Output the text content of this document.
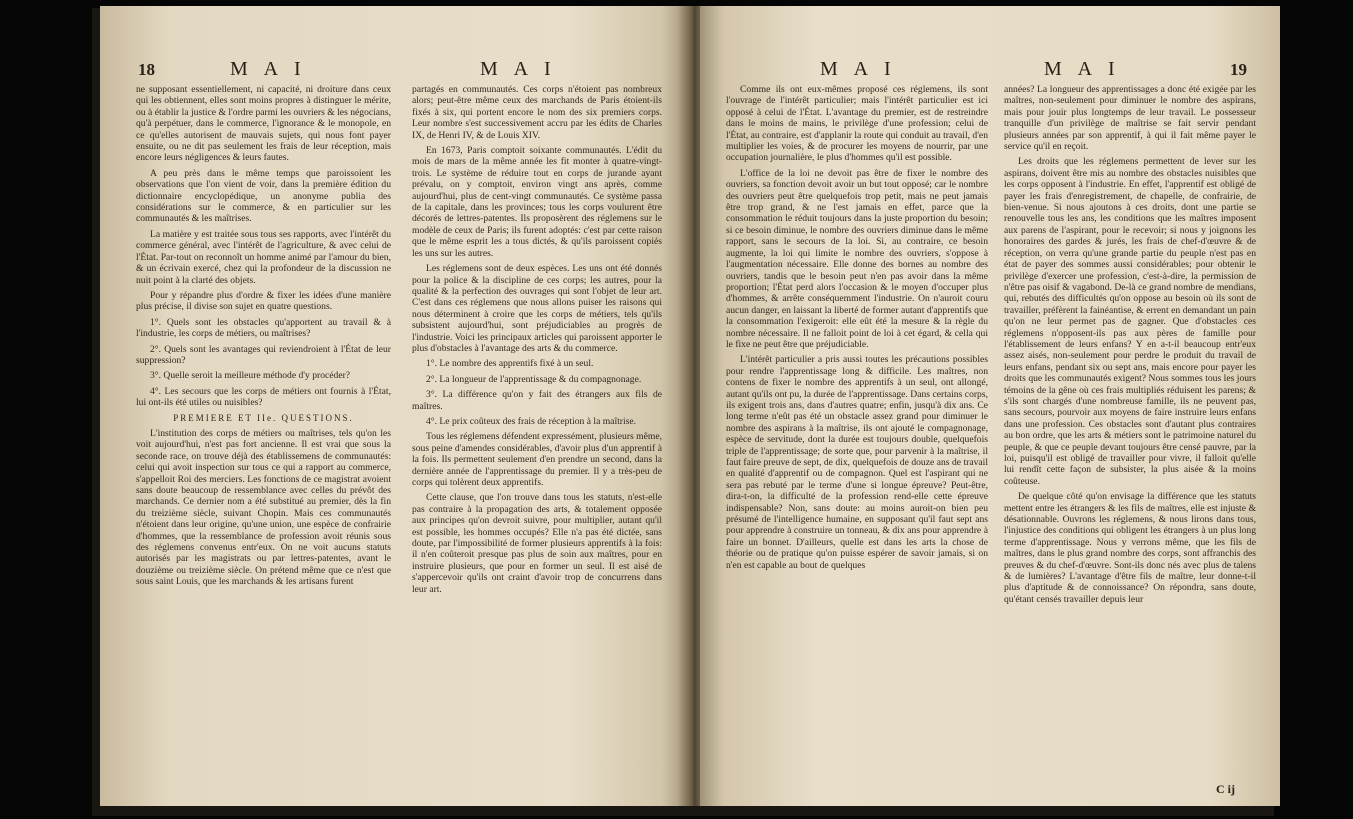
18	M A I	M A I

ne supposant essentiellement, ni capacité, ni droiture dans ceux qui les obtiennent, elles sont moins propres à distinguer le mérite, ou à établir la justice & l'ordre parmi les ouvriers & les négocians, qu'à perpétuer, dans le commerce, l'ignorance & le monopole, en ce qu'elles autorisent de mauvais sujets, qui nous font payer ensuite, ou ne dit pas seulement les frais de leur réception, mais encore leurs négligences & leurs fautes.

A peu près dans le même temps que paroissoient les observations que l'on vient de voir, dans la première édition du dictionnaire encyclopédique, un anonyme publia des considérations sur le commerce, & en particulier sur les communautés & les maîtrises.

La matière y est traitée sous tous ses rapports, avec l'intérêt du commerce général, avec l'intérêt de l'agriculture, & avec celui de l'État. Par-tout on reconnoît un homme animé par l'amour du bien, & un écrivain exercé, chez qui la profondeur de la discussion ne nuit point à la clarté des objets.

Pour y répandre plus d'ordre & fixer les idées d'une manière plus précise, il divise son sujet en quatre questions.

1°. Quels sont les obstacles qu'apportent au travail & à l'industrie, les corps de métiers, ou maîtrises?

2°. Quels sont les avantages qui reviendroient à l'État de leur suppression?

3°. Quelle seroit la meilleure méthode d'y procéder?

4°. Les secours que les corps de métiers ont fournis à l'État, lui ont-ils été utiles ou nuisibles?

PREMIERE ET IIe. QUESTIONS.

L'institution des corps de métiers ou maîtrises, tels qu'on les voit aujourd'hui, n'est pas fort ancienne. Il est vrai que sous la seconde race, on trouve déjà des établissemens de communautés: celui qui avoit inspection sur tous ce qui a rapport au commerce, s'appelloit Roi des merciers. Les fonctions de ce magistrat avoient sans doute beaucoup de ressemblance avec celles du prévôt des marchands. Ce dernier nom a été substitué au premier, dès la fin du treizième siècle, suivant Chopin. Mais ces communautés n'étoient dans leur origine, qu'une union, une espèce de confrairie d'hommes, que la ressemblance de profession avoit réunis sous des réglemens convenus entr'eux. On ne voit aucuns statuts autorisés par les magistrats ou par lettres-patentes, avant le douzième ou treizième siècle. On prétend même que ce n'est que sous saint Louis, que les marchands & les artisans furent

partagés en communautés. Ces corps n'étoient pas nombreux alors; peut-être même ceux des marchands de Paris étoient-ils fixés à six, qui portent encore le nom des six premiers corps. Leur nombre s'est successivement accru par les édits de Charles IX, de Henri IV, & de Louis XIV.

En 1673, Paris comptoit soixante communautés. L'édit du mois de mars de la même année les fit monter à quatre-vingt-trois. Le système de réduire tout en corps de jurande ayant prévalu, on y comptoit, environ vingt ans après, comme aujourd'hui, plus de cent-vingt communautés. Ce système passa de la capitale, dans les provinces; tous les corps voulurent être décorés de lettres-patentes. Ils proposèrent des réglemens sur le modèle de ceux de Paris; ils furent adoptés: c'est par cette raison que le même esprit les a tous dictés, & qu'ils paroissent copiés les uns sur les autres.

Les réglemens sont de deux espèces. Les uns ont été donnés pour la police & la discipline de ces corps; les autres, pour la qualité & la perfection des ouvrages qui sont l'objet de leur art. C'est dans ces réglemens que nous allons puiser les raisons qui nous déterminent à croire que les corps de métiers, tels qu'ils subsistent aujourd'hui, sont préjudiciables au progrès de l'industrie. Voici les principaux articles qui paroissent apporter le plus d'obstacles à l'avantage des arts & du commerce.

1°. Le nombre des apprentifs fixé à un seul.

2°. La longueur de l'apprentissage & du compagnonage.

3°. La différence qu'on y fait des étrangers aux fils de maîtres.

4°. Le prix coûteux des frais de réception à la maîtrise.

Tous les réglemens défendent expressément, plusieurs même, sous peine d'amendes considérables, d'avoir plus d'un apprentif à la fois. Ils permettent seulement d'en prendre un second, dans la dernière année de l'apprentissage du premier. Il y a très-peu de corps qui tolèrent deux apprentifs.

Cette clause, que l'on trouve dans tous les statuts, n'est-elle pas contraire à la propagation des arts, & totalement opposée aux principes qu'on devroit suivre, pour multiplier, autant qu'il est possible, les hommes occupés? Elle n'a pas été dictée, sans doute, par l'impossibilité de former plusieurs apprentifs à la fois: il n'en coûteroit presque pas plus de soin aux maîtres, pour en instruire plusieurs, que pour en former un seul. Il est aisé de s'appercevoir qu'ils ont craint d'avoir trop de concurrens dans leur art.

M A I	M A I	19

Comme ils ont eux-mêmes proposé ces réglemens, ils sont l'ouvrage de l'intérêt particulier; mais l'intérêt particulier est ici opposé à celui de l'État. L'avantage du premier, est de restreindre dans le moins de mains, le privilège d'une profession; celui de l'État, au contraire, est d'applanir la route qui conduit au travail, d'en multiplier les voies, & de procurer les moyens de nourrir, par une occupation journalière, le plus d'hommes qu'il est possible.

L'office de la loi ne devoit pas être de fixer le nombre des ouvriers, sa fonction devoit avoir un but tout opposé; car le nombre des ouvriers peut être quelquefois trop petit, mais ne peut jamais être trop grand, & ne l'est jamais en effet, parce que la consommation le réduit toujours dans la juste proportion du besoin; si ce besoin diminue, le nombre des ouvriers diminue dans le même rapport, sans le secours de la loi. Si, au contraire, ce besoin augmente, la loi qui limite le nombre des ouvriers, s'oppose à l'augmentation nécessaire. Elle donne des bornes au nombre des ouvriers, tandis que le besoin peut n'en pas avoir dans la même proportion; l'État perd alors l'occasion & le moyen d'occuper plus d'hommes, & arrête conséquemment l'industrie. On n'auroit couru aucun danger, en laissant la liberté de former autant d'apprentifs que la consommation l'exigeroit: elle eût été la mesure & la règle du nombre nécessaire. Il ne falloit point de loi à cet égard, & cella qui le fixe ne peut être que préjudiciable.

L'intérêt particulier a pris aussi toutes les précautions possibles pour rendre l'apprentissage long & difficile. Les maîtres, non contens de fixer le nombre des apprentifs à un seul, ont allongé, autant qu'ils ont pu, la durée de l'apprentissage. Dans certains corps, ils exigent trois ans, dans d'autres quatre; enfin, jusqu'à dix ans. Ce long terme n'eût pas été un obstacle assez grand pour diminuer le nombre des aspirans à la maîtrise, ils ont ajouté le compagnonage, espèce de servitude, dont la durée est toujours double, quelquefois triple de l'apprentissage; de sorte que, pour parvenir à la maîtrise, il faut faire preuve de sept, de dix, quelquefois de douze ans de travail en qualité d'apprentif ou de compagnon. Quel est l'aspirant qui ne sera pas rebuté par le terme d'une si longue épreuve? Peut-être, dira-t-on, la difficulté de la profession rend-elle cette épreuve indispensable? Non, sans doute: au moins auroit-on bien peu présumé de l'intelligence humaine, en supposant qu'il faut sept ans pour apprendre à construire un tonneau, & dix ans pour apprendre à faire un bonnet. D'ailleurs, quelle est dans les arts la chose de théorie ou de pratique qu'on puisse espérer de savoir jamais, si on n'en est capable au bout de quelques

années? La longueur des apprentissages a donc été exigée par les maîtres, non-seulement pour diminuer le nombre des aspirans, mais pour jouir plus longtemps de leur travail. Le possesseur tranquille d'un privilège de maîtrise se fait servir pendant plusieurs années par son apprentif, à qui il fait même payer le service qu'il en reçoit.

Les droits que les réglemens permettent de lever sur les aspirans, doivent être mis au nombre des obstacles nuisibles que les corps opposent à l'industrie. En effet, l'apprentif est obligé de payer les frais d'enregistrement, de chapelle, de confrairie, de bien-venue. Si nous ajoutons à ces droits, dont une partie se renouvelle tous les ans, les conditions que les maîtres imposent aux parens de l'aspirant, pour le recevoir; si nous y joignons les honoraires des gardes & jurés, les frais de chef-d'œuvre & de réception, on verra qu'une grande partie du peuple n'est pas en état de payer des sommes aussi considérables; pour obtenir le privilège d'exercer une profession, c'est-à-dire, la permission de n'être pas oisif & vagabond. De-là ce grand nombre de mendians, qui, rebutés des difficultés qu'on oppose au besoin où ils sont de travailler, préfèrent la fainéantise, & errent en demandant un pain qu'on ne leur permet pas de gagner. Que d'obstacles ces réglemens n'opposent-ils pas aux pères de famille pour l'établissement de leurs enfans? Y en a-t-il beaucoup entr'eux assez aisés, non-seulement pour perdre le produit du travail de leurs enfans, pendant six ou sept ans, mais encore pour payer les droits que les communautés exigent? Nous sommes tous les jours témoins de la gêne où ces frais multipliés réduisent les parens; & s'ils sont chargés d'une nombreuse famille, ils ne peuvent pas, sans secours, pourvoir aux moyens de faire instruire leurs enfans dans une profession. Ces obstacles sont d'autant plus contraires au bon ordre, que les arts & métiers sont le patrimoine naturel du peuple, & que ce peuple devant toujours être censé pauvre, par la loi, puisqu'il est obligé de travailler pour vivre, il falloit qu'elle lui rendît cette façon de subsister, la plus aisée & la moins coûteuse.

De quelque côté qu'on envisage la différence que les statuts mettent entre les étrangers & les fils de maîtres, elle est injuste & désationnable. Ouvrons les réglemens, & nous lirons dans tous, l'injustice des conditions qui obligent les étrangers à un plus long terme d'apprentissage. Nous y verrons même, que les fils de maîtres, dans le plus grand nombre des corps, sont affranchis des preuves & du chef-d'œuvre. Sont-ils donc nés avec plus de talens & de lumières? L'avantage d'être fils de maître, leur donne-t-il plus d'aptitude & de connoissance? On répondra, sans doute, qu'étant censés travailler depuis leur

C ij
